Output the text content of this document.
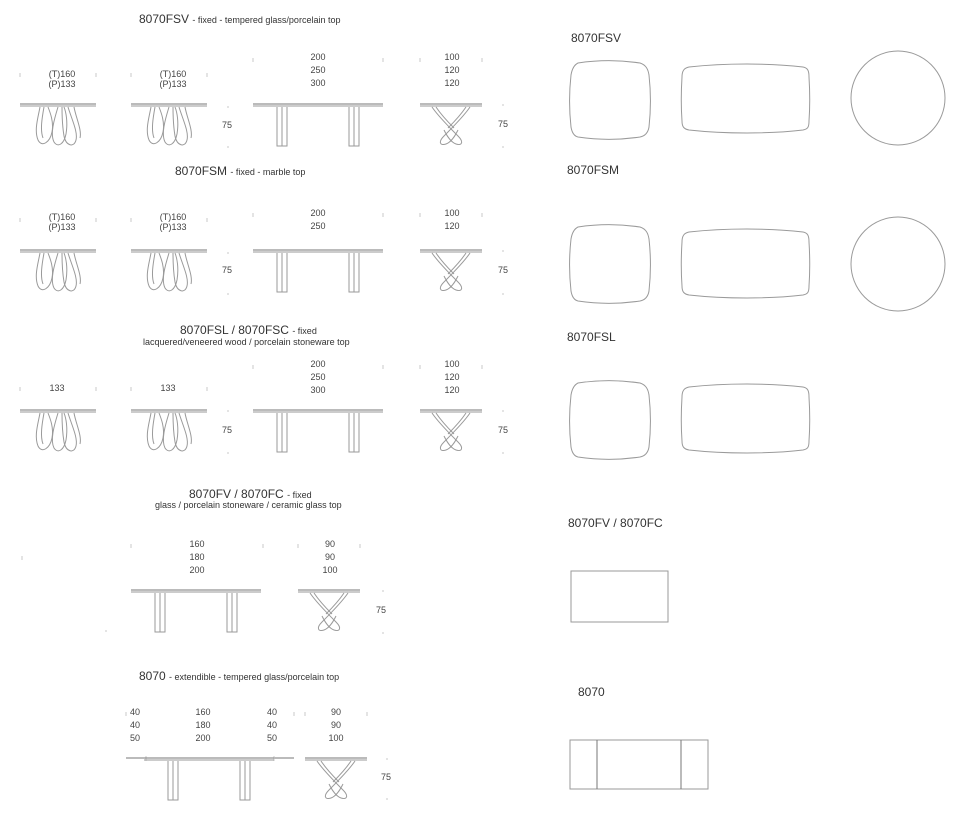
8070FSV - fixed - tempered glass/porcelain top
8070FSM - fixed - marble top
8070FSL / 8070FSC - fixed
lacquered/veneered wood / porcelain stoneware top
8070FV / 8070FC - fixed
glass / porcelain stoneware / ceramic glass top
8070 - extendible - tempered glass/porcelain top
8070FSV
8070FSM
8070FSL
8070FV / 8070FC
8070
(T)160
(P)133
(T)160
(P)133
200
250
300
100
120
120
75	75
(T)160
(P)133
(T)160
(P)133
200
250
100
120
75	75
133	133
200
250
300
100
120
120
75	75
160
180
200
90
90
100
75
40
40
50
160
180
200
40
40
50
90
90
100
75
